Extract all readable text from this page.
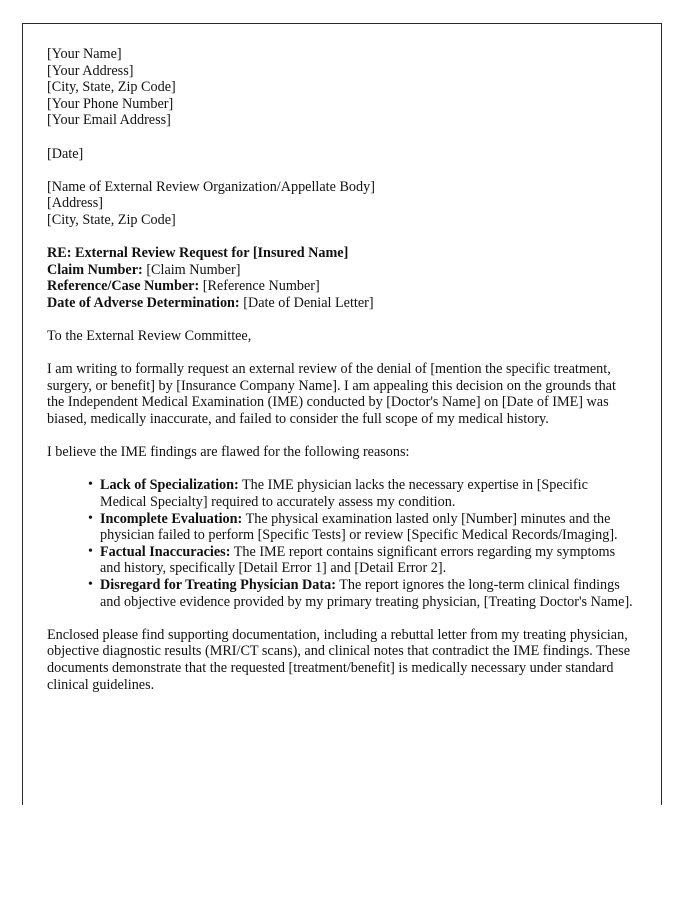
[Your Name]
[Your Address]
[City, State, Zip Code]
[Your Phone Number]
[Your Email Address]
[Date]
[Name of External Review Organization/Appellate Body]
[Address]
[City, State, Zip Code]
RE: External Review Request for [Insured Name]
Claim Number: [Claim Number]
Reference/Case Number: [Reference Number]
Date of Adverse Determination: [Date of Denial Letter]

To the External Review Committee,

I am writing to formally request an external review of the denial of [mention the specific treatment, surgery, or benefit] by [Insurance Company Name]. I am appealing this decision on the grounds that the Independent Medical Examination (IME) conducted by [Doctor's Name] on [Date of IME] was biased, medically inaccurate, and failed to consider the full scope of my medical history.

I believe the IME findings are flawed for the following reasons:

• Lack of Specialization: The IME physician lacks the necessary expertise in [Specific Medical Specialty] required to accurately assess my condition.
• Incomplete Evaluation: The physical examination lasted only [Number] minutes and the physician failed to perform [Specific Tests] or review [Specific Medical Records/Imaging].
• Factual Inaccuracies: The IME report contains significant errors regarding my symptoms and history, specifically [Detail Error 1] and [Detail Error 2].
• Disregard for Treating Physician Data: The report ignores the long-term clinical findings and objective evidence provided by my primary treating physician, [Treating Doctor's Name].

Enclosed please find supporting documentation, including a rebuttal letter from my treating physician, objective diagnostic results (MRI/CT scans), and clinical notes that contradict the IME findings. These documents demonstrate that the requested [treatment/benefit] is medically necessary under standard clinical guidelines.
